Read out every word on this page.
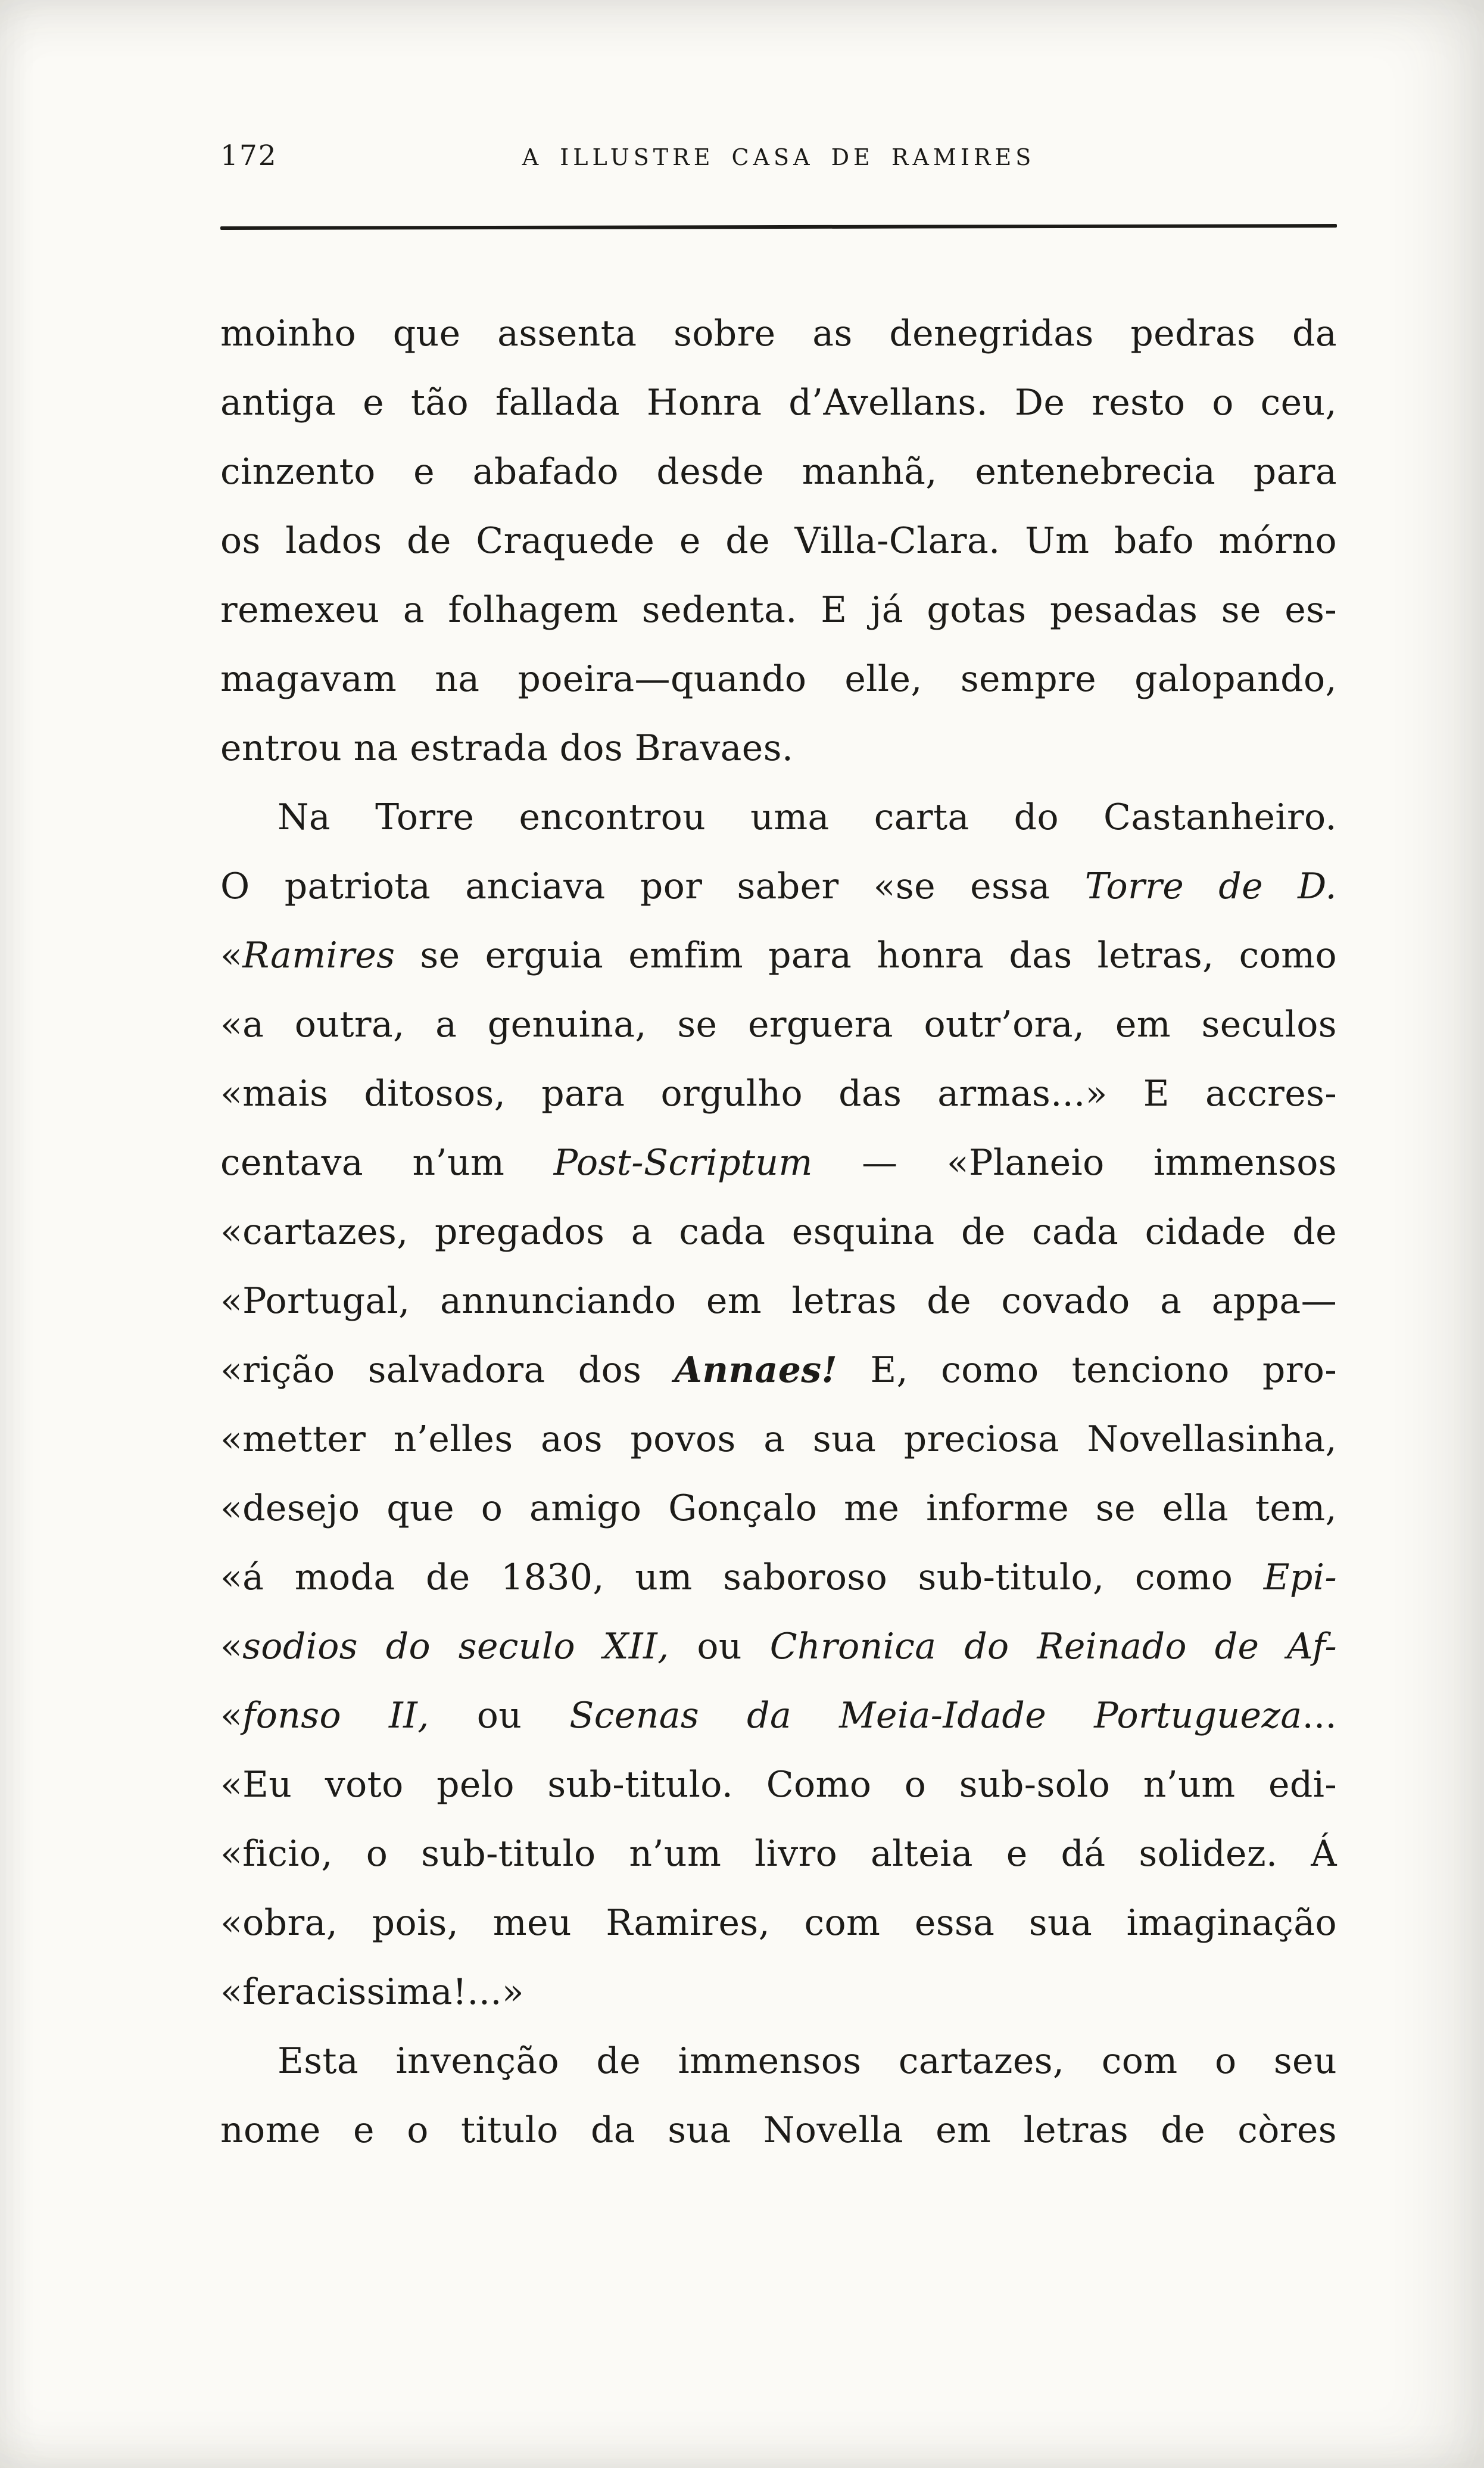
172	A ILLUSTRE CASA DE RAMIRES
moinho que assenta sobre as denegridas pedras da
antiga e tão fallada Honra d’Avellans. De resto o ceu,
cinzento e abafado desde manhã, entenebrecia para
os lados de Craquede e de Villa-Clara. Um bafo mórno
remexeu a folhagem sedenta. E já gotas pesadas se es-
magavam na poeira—quando elle, sempre galopando,
entrou na estrada dos Bravaes.
Na Torre encontrou uma carta do Castanheiro.
O patriota anciava por saber «se essa Torre de D.
«Ramires se erguia emfim para honra das letras, como
«a outra, a genuina, se erguera outr’ora, em seculos
«mais ditosos, para orgulho das armas...» E accres-
centava n’um Post-Scriptum — «Planeio immensos
«cartazes, pregados a cada esquina de cada cidade de
«Portugal, annunciando em letras de covado a appa—
«rição salvadora dos Annaes! E, como tenciono pro-
«metter n’elles aos povos a sua preciosa Novellasinha,
«desejo que o amigo Gonçalo me informe se ella tem,
«á moda de 1830, um saboroso sub-titulo, como Epi-
«sodios do seculo XII, ou Chronica do Reinado de Af-
«fonso II, ou Scenas da Meia-Idade Portugueza...
«Eu voto pelo sub-titulo. Como o sub-solo n’um edi-
«ficio, o sub-titulo n’um livro alteia e dá solidez. Á
«obra, pois, meu Ramires, com essa sua imaginação
«feracissima!...»
Esta invenção de immensos cartazes, com o seu
nome e o titulo da sua Novella em letras de còres
